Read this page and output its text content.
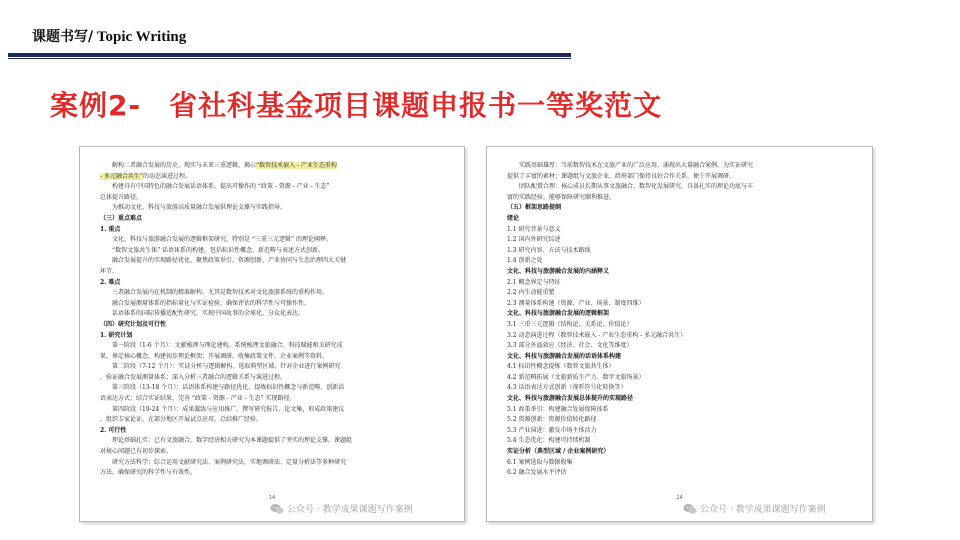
课题书写/ Topic Writing
案例2- 省社科基金项目课题申报书一等奖范文
解构二者融合发展的历史、现实与未来三重逻辑，揭示“数智技术嵌入 - 产业生态重构
- 多元融合共生”的动态演进过程。
构建具有中国特色的融合发展话语体系，提出可操作的 “政策 - 资源 - 产业 - 生态”
总体提升路径。
为推动文化、科技与旅游高质量融合发展供理论支撑与实践指导。
（三）重点难点
1. 重点
文化、科技与旅游融合发展的逻辑框架研究，特别是 “三重三元逻辑” 的理论阐释。
“数智文旅共生体” 话语体系的构建，包括标识性概念、新范畴与表述方式创新。
融合发展提升的实现路径优化，聚焦政策举引、资源创新、产业协同与生态治理四大关键
环节。
2. 难点
三者融合发展内在机制的精准解构，尤其是数智技术对文化旅游系统的重构作用。
融合发展测量体系的指标量化与实证检验，确保评估的科学性与可操作性。
话语体系的国际传播适配性研究，实现中国故事的全球化、分众化表达。
（四）研究计划及可行性
1. 研究计划
第一阶段（1-6 个月）：文献梳理与理论建构。系统梳理文旅融合、科技赋能相关研究成
果，界定核心概念，构建初步理论框架；开展调研，收集政策文件、企业案例等资料。
第二阶段（7-12 个月）：实证分析与逻辑解构。选取典型区域，针对企业进行案例研究
，验证融合发展测量体系；深入分析三者融合的逻辑关系与演进过程。
第三阶段（13-18 个月）：话语体系构建与路径优化。提炼标识性概念与新范畴，创新话
语表达方式；结合实证结果，完善 “政策 - 资源 - 产业 - 生态” 实现路径。
第四阶段（19-24 个月）：成果凝练与应用推广。撰写研究报告、论文集，形成政策建议
，组织专家论证，在部分地区开展试点应用，总结推广经验。
2. 可行性
理论基础扎实：已有文旅融合、数字经济相关研究为本课题提供了坚实的理论支撑，课题组
对核心问题已有初步探索。
研究方法科学：综合运用文献研究法、案例研究法、实地调研法、定量分析法等多种研究
方法，确保研究的科学性与有效性。
14
公众号 · 教学成果课题写作案例
实践基础雄厚：当前数智技术在文旅产业的广泛应用，涌现出大量融合案例，为实证研究
提供了丰富的素材；课题组与文旅企业、政府部门保持良好合作关系，便于开展调研。
团队配置合理：核心成员长期从事文旅融合、数智化发展研究，具备扎实的理论功底与丰
富的实践经验，能够保障研究顺利推进。
（五）框架思路提纲
绪论
1.1 研究背景与意义
1.2 国内外研究综述
1.3 研究内容、方法与技术路线
1.4 创新之处
文化、科技与旅游融合发展的内涵释义
2.1 概念界定与特征
2.2 内生动能重塑
2.3 测量体系构建（资源、产业、场景、制度四维）
文化、科技与旅游融合发展的逻辑框架
3.1 三重三元逻辑（结构论、关系论、价值论）
3.2 动态演进过程（数智技术嵌入 - 产业生态重构 - 多元融合共生）
3.3 部分外溢效应（经济、社会、文化等维度）
文化、科技与旅游融合发展的话语体系构建
4.1 标识性概念提炼（数智文旅共生体）
4.2 新范畴拓展（文旅新质生产力、数字文旅场景）
4.3 话语表达方式创新（视听符号化转换等）
文化、科技与旅游融合发展总体提升的实现路径
5.1 政策举引：构建融合发展保障体系
5.2 资源创新：资源价值转化路径
5.3 产业演进：激发市场主体活力
5.4 生态优化：构建可持续机制
实证分析（典型区域 / 企业案例研究）
6.1 案例选取与数据收集
6.2 融合发展水平评估
14
公众号 · 教学成果课题写作案例
